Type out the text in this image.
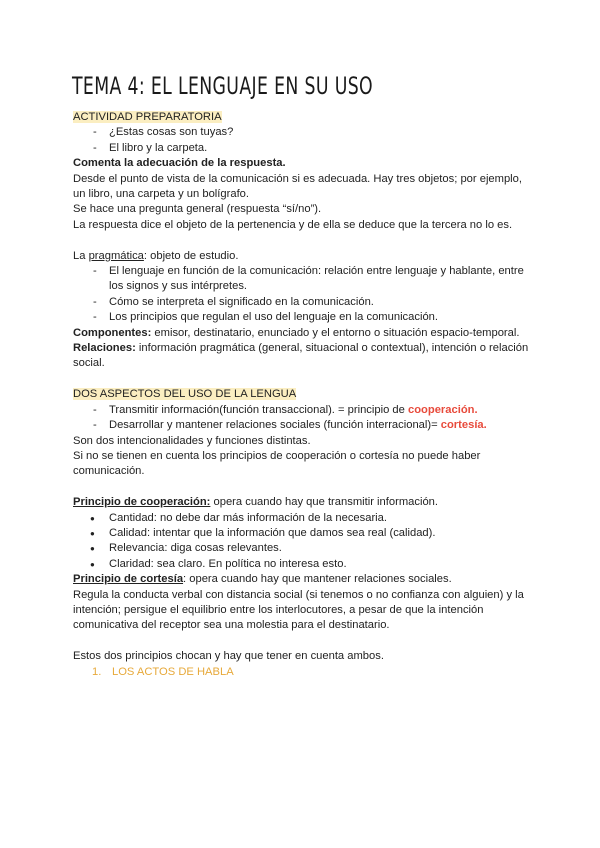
TEMA 4: EL LENGUAJE EN SU USO

ACTIVIDAD PREPARATORIA

- ¿Estas cosas son tuyas?
- El libro y la carpeta.

Comenta la adecuación de la respuesta.

Desde el punto de vista de la comunicación si es adecuada. Hay tres objetos; por ejemplo, un libro, una carpeta y un bolígrafo.

Se hace una pregunta general (respuesta “sí/no”).

La respuesta dice el objeto de la pertenencia y de ella se deduce que la tercera no lo es.

La pragmática: objeto de estudio.

- El lenguaje en función de la comunicación: relación entre lenguaje y hablante, entre los signos y sus intérpretes.
- Cómo se interpreta el significado en la comunicación.
- Los principios que regulan el uso del lenguaje en la comunicación.

Componentes: emisor, destinatario, enunciado y el entorno o situación espacio-temporal.

Relaciones: información pragmática (general, situacional o contextual), intención o relación social.

DOS ASPECTOS DEL USO DE LA LENGUA

- Transmitir información(función transaccional). = principio de cooperación.
- Desarrollar y mantener relaciones sociales (función interracional)= cortesía.

Son dos intencionalidades y funciones distintas.

Si no se tienen en cuenta los principios de cooperación o cortesía no puede haber comunicación.

Principio de cooperación: opera cuando hay que transmitir información.

● Cantidad: no debe dar más información de la necesaria.
● Calidad: intentar que la información que damos sea real (calidad).
● Relevancia: diga cosas relevantes.
● Claridad: sea claro. En política no interesa esto.

Principio de cortesía: opera cuando hay que mantener relaciones sociales.

Regula la conducta verbal con distancia social (si tenemos o no confianza con alguien) y la intención; persigue el equilibrio entre los interlocutores, a pesar de que la intención comunicativa del receptor sea una molestia para el destinatario.

Estos dos principios chocan y hay que tener en cuenta ambos.

1. LOS ACTOS DE HABLA
